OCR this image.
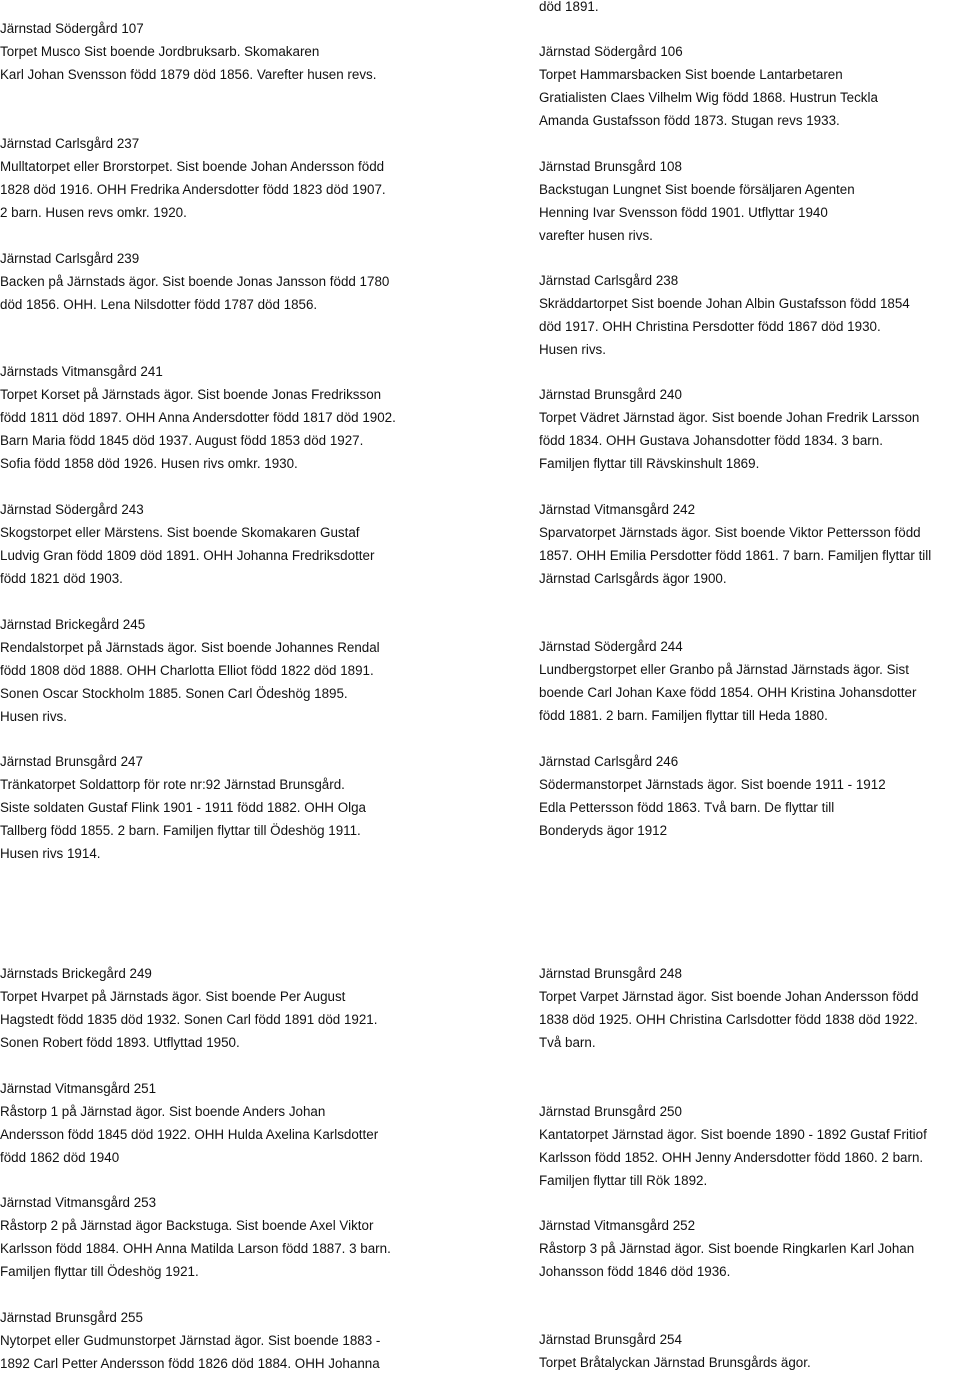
Järnstad Södergård 107
Torpet Musco Sist boende Jordbruksarb. Skomakaren
Karl Johan Svensson född 1879 död 1856. Varefter husen revs.
Järnstad Carlsgård 237
Mulltatorpet eller Brorstorpet. Sist boende Johan Andersson född
1828 död 1916. OHH Fredrika Andersdotter född 1823 död 1907.
2 barn. Husen revs omkr. 1920.
Järnstad Carlsgård 239
Backen på Järnstads ägor. Sist boende Jonas Jansson född 1780
död 1856. OHH. Lena Nilsdotter född 1787 död 1856.
Järnstads Vitmansgård 241
Torpet Korset på Järnstads ägor. Sist boende Jonas Fredriksson
född 1811 död 1897. OHH Anna Andersdotter född 1817 död 1902.
Barn Maria född 1845 död 1937. August född 1853 död 1927.
Sofia född 1858 död 1926. Husen rivs omkr. 1930.
Järnstad Södergård 243
Skogstorpet eller Märstens. Sist boende Skomakaren Gustaf
Ludvig Gran född 1809 död 1891. OHH Johanna Fredriksdotter
född 1821 död 1903.
Järnstad Brickegård 245
Rendalstorpet på Järnstads ägor. Sist boende Johannes Rendal
född 1808 död 1888. OHH Charlotta Elliot född 1822 död 1891.
Sonen Oscar Stockholm 1885. Sonen Carl Ödeshög 1895.
Husen rivs.
Järnstad Brunsgård 247
Tränkatorpet Soldattorp för rote nr:92 Järnstad Brunsgård.
Siste soldaten Gustaf Flink 1901 - 1911 född 1882. OHH Olga
Tallberg född 1855. 2 barn. Familjen flyttar till Ödeshög 1911.
Husen rivs 1914.
Järnstads Brickegård 249
Torpet Hvarpet på Järnstads ägor. Sist boende Per August
Hagstedt född 1835 död 1932. Sonen Carl född 1891 död 1921.
Sonen Robert född 1893. Utflyttad 1950.
Järnstad Vitmansgård 251
Råstorp 1 på Järnstad ägor. Sist boende Anders Johan
Andersson född 1845 död 1922. OHH Hulda Axelina Karlsdotter
född 1862 död 1940
Järnstad Vitmansgård 253
Råstorp 2 på Järnstad ägor Backstuga. Sist boende Axel Viktor
Karlsson född 1884. OHH Anna Matilda Larson född 1887. 3 barn.
Familjen flyttar till Ödeshög 1921.
Järnstad Brunsgård 255
Nytorpet eller Gudmunstorpet Järnstad ägor. Sist boende 1883 -
1892 Carl Petter Andersson född 1826 död 1884. OHH Johanna
död 1891.
Järnstad Södergård 106
Torpet Hammarsbacken Sist boende Lantarbetaren
Gratialisten Claes Vilhelm Wig född 1868. Hustrun Teckla
Amanda Gustafsson född 1873. Stugan revs 1933.
Järnstad Brunsgård 108
Backstugan Lungnet Sist boende försäljaren Agenten
Henning Ivar Svensson född 1901. Utflyttar 1940
varefter husen rivs.
Järnstad Carlsgård 238
Skräddartorpet Sist boende Johan Albin Gustafsson född 1854
död 1917. OHH Christina Persdotter född 1867 död 1930.
Husen rivs.
Järnstad Brunsgård 240
Torpet Vädret Järnstad ägor. Sist boende Johan Fredrik Larsson
född 1834. OHH Gustava Johansdotter född 1834. 3 barn.
Familjen flyttar till Rävskinshult 1869.
Järnstad Vitmansgård 242
Sparvatorpet Järnstads ägor. Sist boende Viktor Pettersson född
1857. OHH Emilia Persdotter född 1861. 7 barn. Familjen flyttar till
Järnstad Carlsgårds ägor 1900.
Järnstad Södergård 244
Lundbergstorpet eller Granbo på Järnstad Järnstads ägor. Sist
boende Carl Johan Kaxe född 1854. OHH Kristina Johansdotter
född 1881. 2 barn. Familjen flyttar till Heda 1880.
Järnstad Carlsgård 246
Södermanstorpet Järnstads ägor. Sist boende 1911 - 1912
Edla Pettersson född 1863. Två barn. De flyttar till
Bonderyds ägor 1912
Järnstad Brunsgård 248
Torpet Varpet Järnstad ägor. Sist boende Johan Andersson född
1838 död 1925. OHH Christina Carlsdotter född 1838 död 1922.
Två barn.
Järnstad Brunsgård 250
Kantatorpet Järnstad ägor. Sist boende 1890 - 1892 Gustaf Fritiof
Karlsson född 1852. OHH Jenny Andersdotter född 1860. 2 barn.
Familjen flyttar till Rök 1892.
Järnstad Vitmansgård 252
Råstorp 3 på Järnstad ägor. Sist boende Ringkarlen Karl Johan
Johansson född 1846 död 1936.
Järnstad Brunsgård 254
Torpet Bråtalyckan Järnstad Brunsgårds ägor.
